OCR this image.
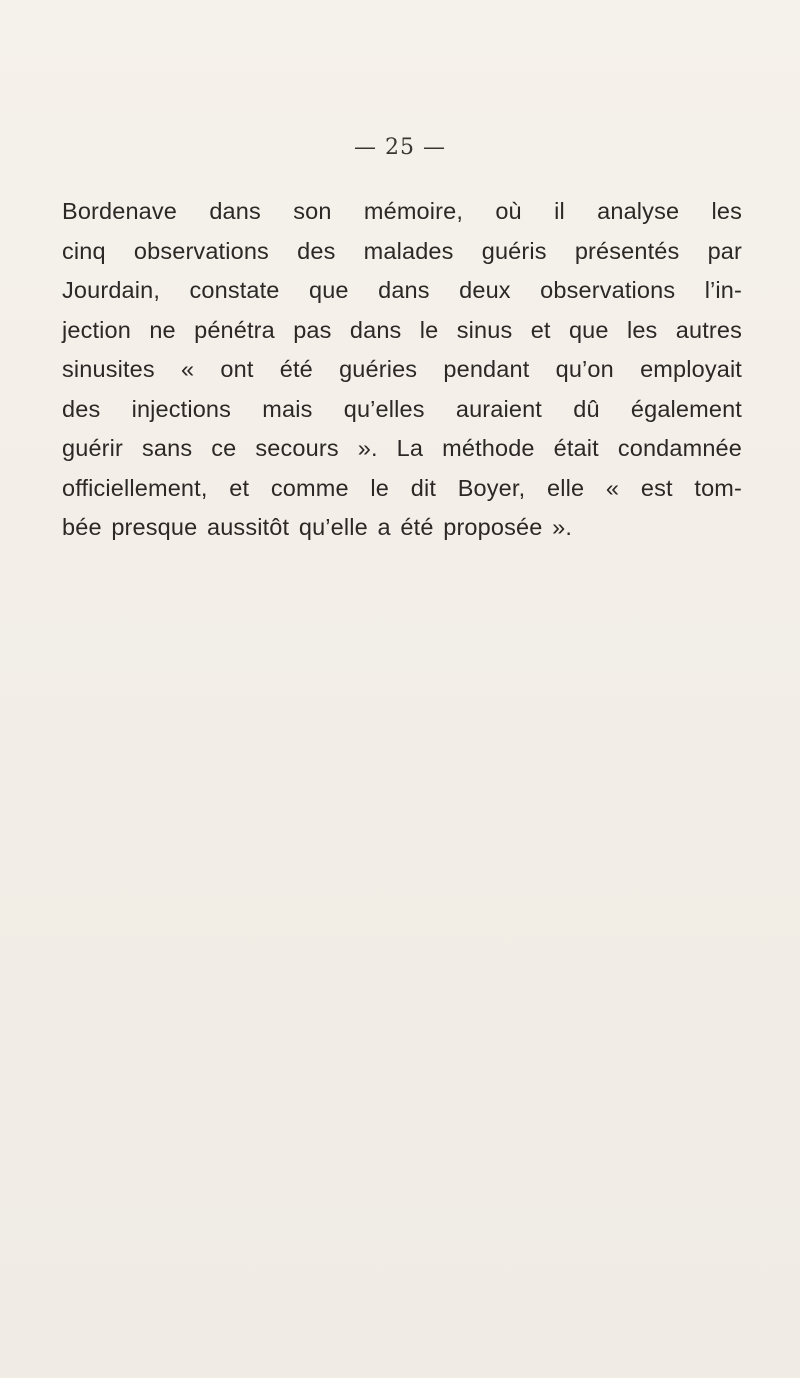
— 25 —
Bordenave dans son mémoire, où il analyse les
cinq observations des malades guéris présentés par
Jourdain, constate que dans deux observations l’in-
jection ne pénétra pas dans le sinus et que les autres
sinusites « ont été guéries pendant qu’on employait
des injections mais qu’elles auraient dû également
guérir sans ce secours ». La méthode était condamnée
officiellement, et comme le dit Boyer, elle « est tom-
bée presque aussitôt qu’elle a été proposée ».
